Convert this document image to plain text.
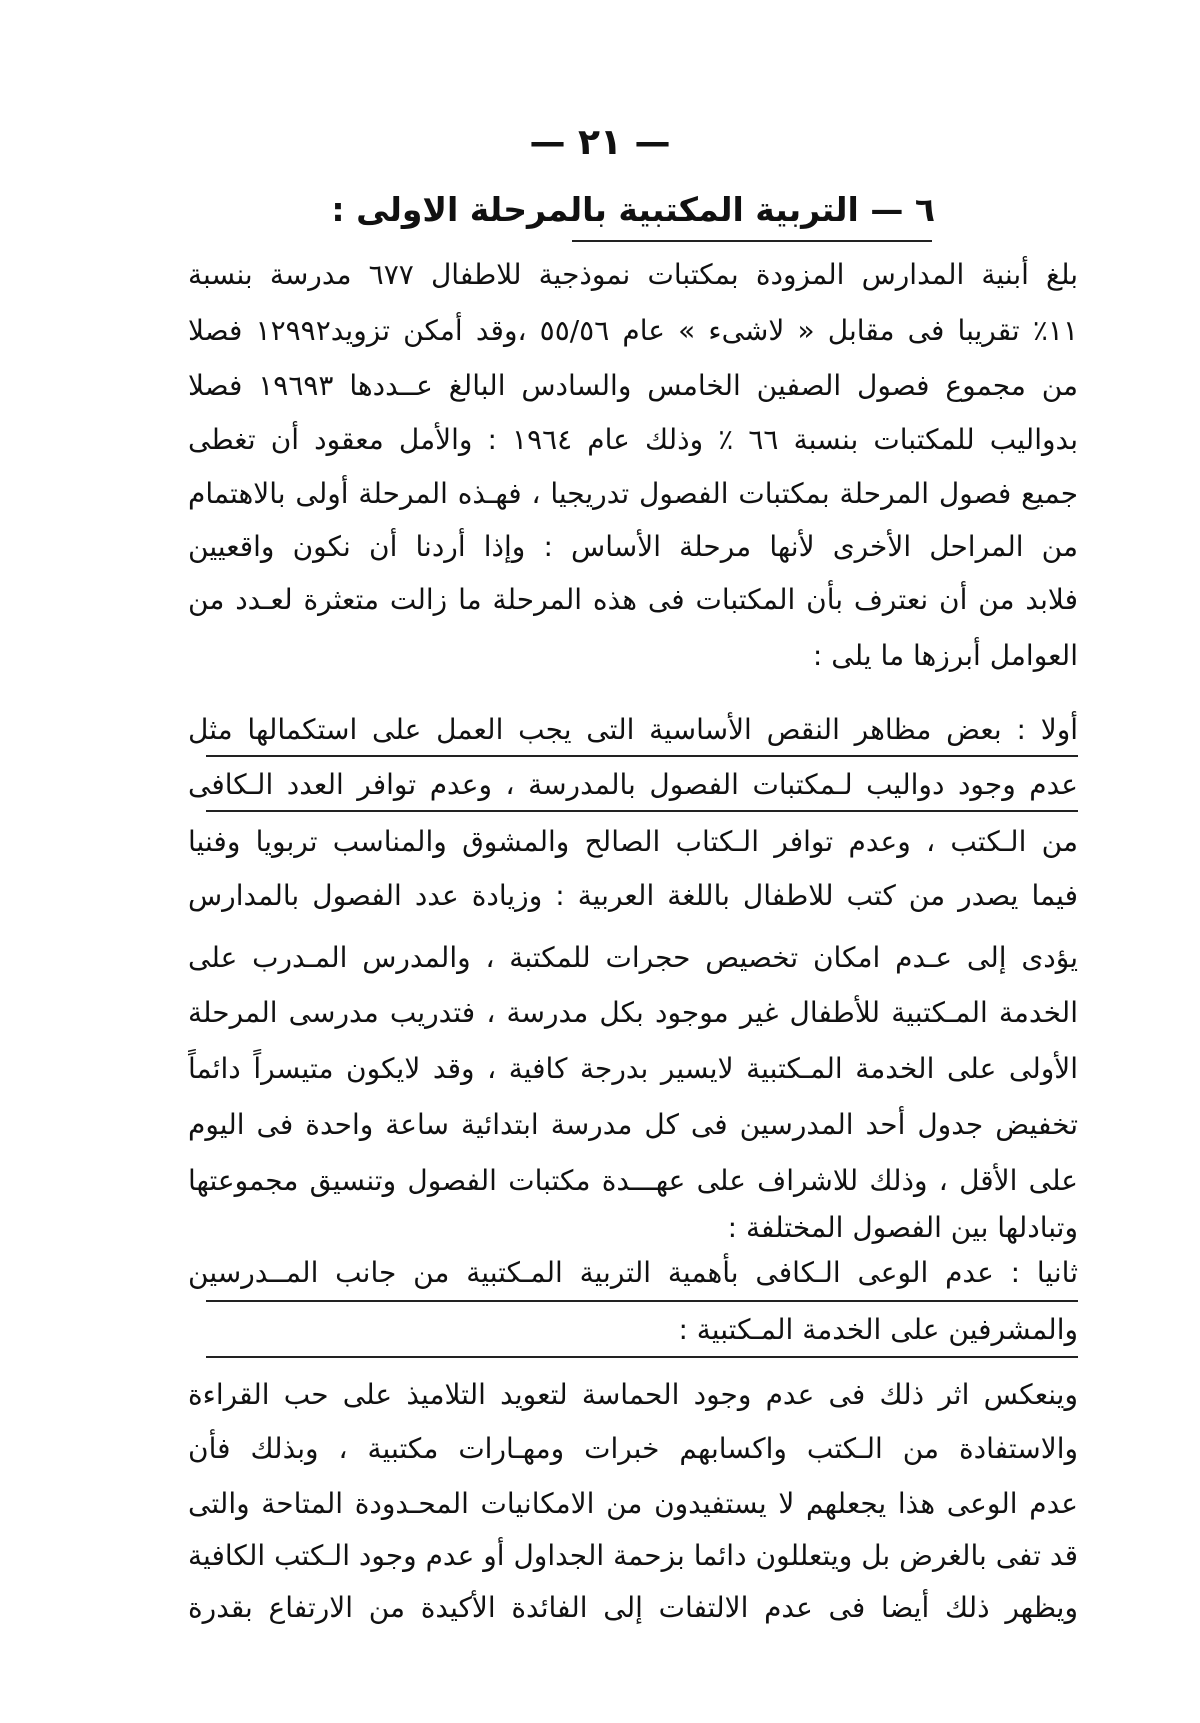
— ٢١ —
٦ — التربية المكتبية بالمرحلة الاولى :
بلغ أبنية المدارس المزودة بمكتبات نموذجية للاطفال ٦٧٧ مدرسة بنسبة
١١٪ تقريبا فى مقابل « لاشىء » عام ٥٥/٥٦ ،وقد أمكن تزويد١٢٩٩٢ فصلا
من مجموع فصول الصفين الخامس والسادس البالغ عــددها ١٩٦٩٣ فصلا
بدواليب للمكتبات بنسبة ٦٦ ٪ وذلك عام ١٩٦٤ : والأمل معقود أن تغطى
جميع فصول المرحلة بمكتبات الفصول تدريجيا ، فهـذه المرحلة أولى بالاهتمام
من المراحل الأخرى لأنها مرحلة الأساس : وإذا أردنا أن نكون واقعيين
فلابد من أن نعترف بأن المكتبات فى هذه المرحلة ما زالت متعثرة لعـدد من
العوامل أبرزها ما يلى :
أولا : بعض مظاهر النقص الأساسية التى يجب العمل على استكمالها مثل
عدم وجود دواليب لـمكتبات الفصول بالمدرسة ، وعدم توافر العدد الـكافى
من الـكتب ، وعدم توافر الـكتاب الصالح والمشوق والمناسب تربويا وفنيا
فيما يصدر من كتب للاطفال باللغة العربية : وزيادة عدد الفصول بالمدارس
يؤدى إلى عـدم امكان تخصيص حجرات للمكتبة ، والمدرس المـدرب على
الخدمة المـكتبية للأطفال غير موجود بكل مدرسة ، فتدريب مدرسى المرحلة
الأولى على الخدمة المـكتبية لايسير بدرجة كافية ، وقد لايكون متيسراً دائماً
تخفيض جدول أحد المدرسين فى كل مدرسة ابتدائية ساعة واحدة فى اليوم
على الأقل ، وذلك للاشراف على عهـــدة مكتبات الفصول وتنسيق مجموعتها
وتبادلها بين الفصول المختلفة :
ثانيا : عدم الوعى الـكافى بأهمية التربية المـكتبية من جانب المــدرسين
والمشرفين على الخدمة المـكتبية :
وينعكس اثر ذلك فى عدم وجود الحماسة لتعويد التلاميذ على حب القراءة
والاستفادة من الـكتب واكسابهم خبرات ومهـارات مكتبية ، وبذلك فأن
عدم الوعى هذا يجعلهم لا يستفيدون من الامكانيات المحـدودة المتاحة والتى
قد تفى بالغرض بل ويتعللون دائما بزحمة الجداول أو عدم وجود الـكتب الكافية
ويظهر ذلك أيضا فى عدم الالتفات إلى الفائدة الأكيدة من الارتفاع بقدرة
